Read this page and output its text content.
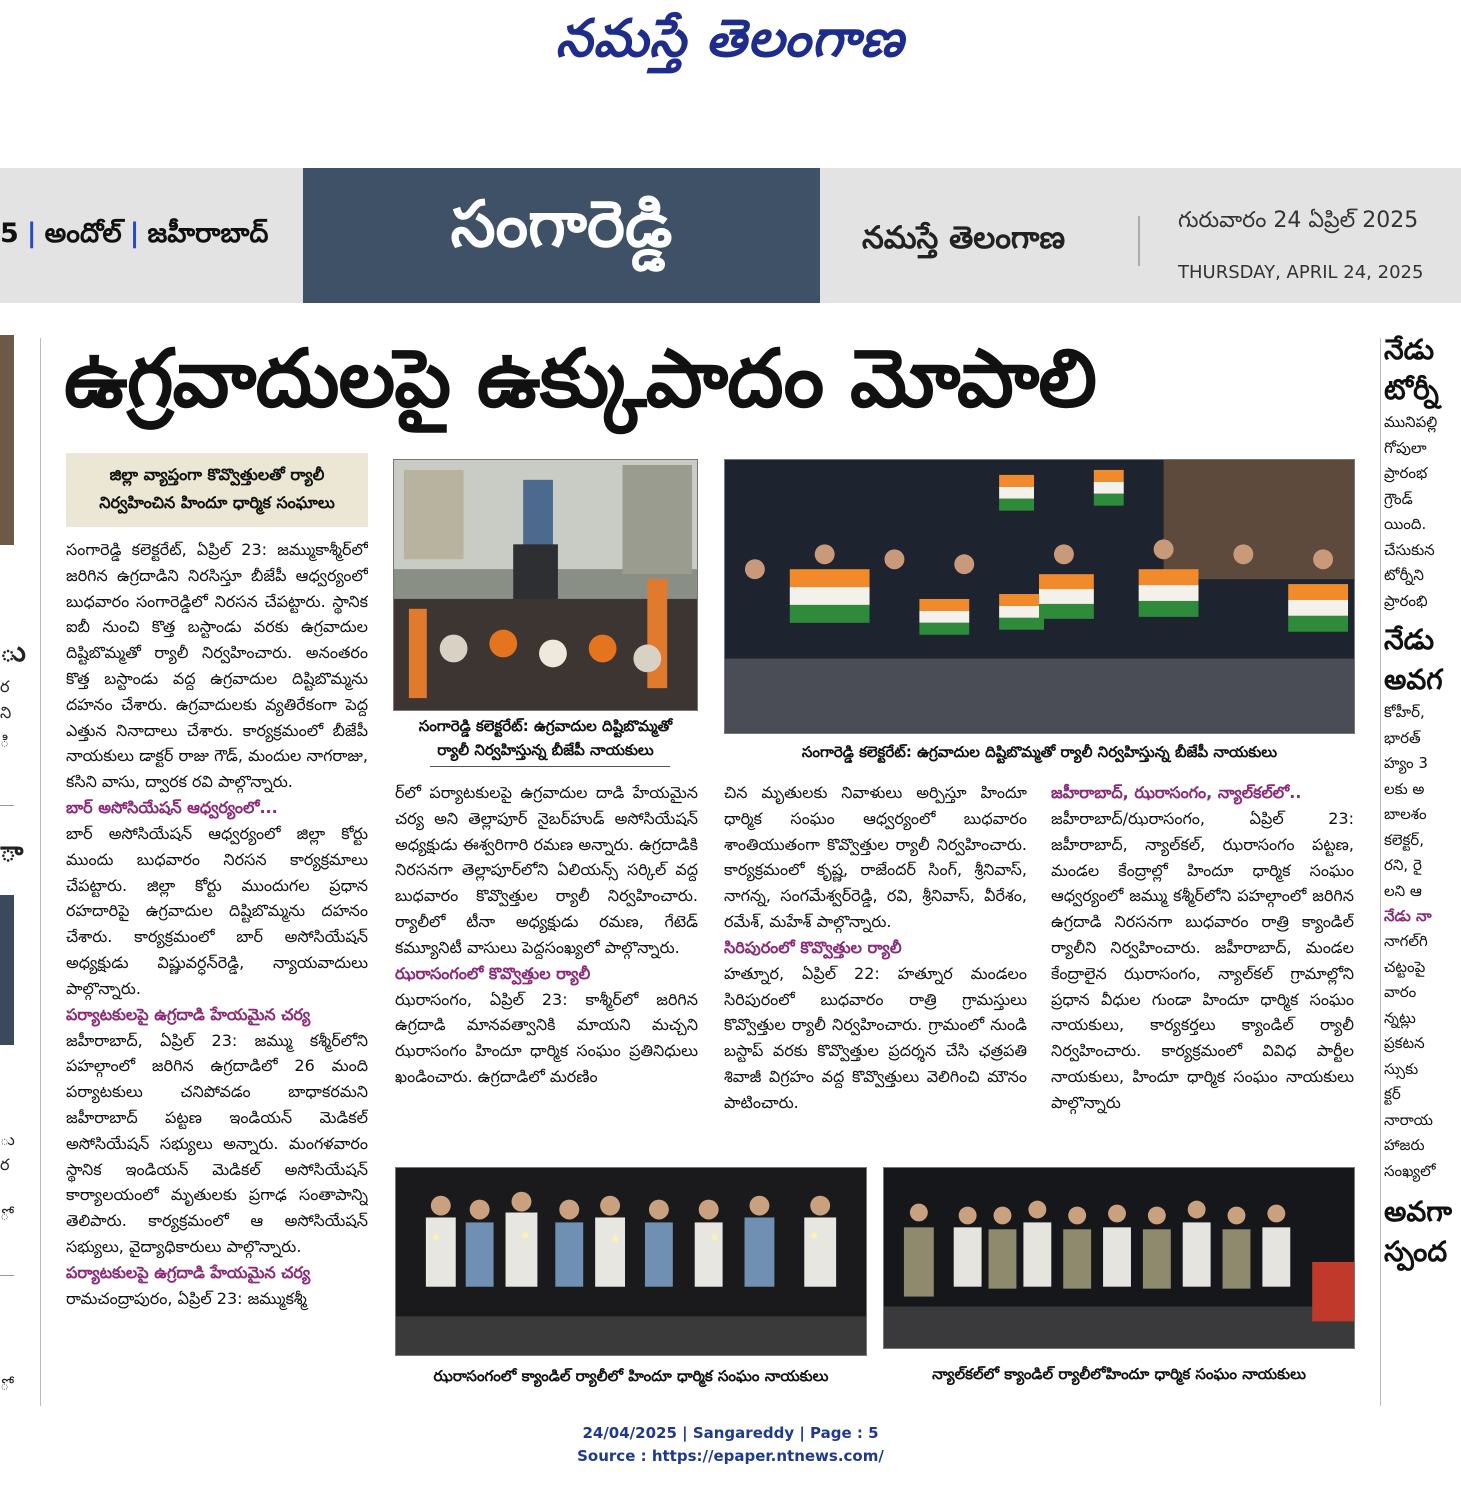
నమస్తే తెలంగాణ
5 | అందోల్ | జహీరాబాద్	సంగారెడ్డి	నమస్తే తెలంగాణ	గురువారం 24 ఏప్రిల్ 2025
THURSDAY, APRIL 24, 2025
ు
ర
ని
ి
ా
ు
ర
ో
ో
ఉగ్రవాదులపై ఉక్కుపాదం మోపాలి
జిల్లా వ్యాప్తంగా కొవ్వొత్తులతో ర్యాలీ
నిర్వహించిన హిందూ ధార్మిక సంఘాలు

సంగారెడ్డి కలెక్టరేట్, ఏప్రిల్ 23: జమ్ముకాశ్మీర్‌లో జరిగిన ఉగ్రదాడిని నిరసిస్తూ బీజేపీ ఆధ్వర్యంలో బుధవారం సంగారెడ్డిలో నిరసన చేపట్టారు. స్థానిక ఐబీ నుంచి కొత్త బస్టాండు వరకు ఉగ్రవాదుల దిష్టిబొమ్మతో ర్యాలీ నిర్వహించారు. అనంతరం కొత్త బస్టాండు వద్ద ఉగ్రవాదుల దిష్టిబొమ్మను దహనం చేశారు. ఉగ్రవాదులకు వ్యతిరేకంగా పెద్ద ఎత్తున నినాదాలు చేశారు. కార్యక్రమంలో బీజేపీ నాయకులు డాక్టర్ రాజు గౌడ్, మందుల నాగరాజు, కసిని వాసు, ద్వారక రవి పాల్గొన్నారు.

బార్ అసోసియేషన్ ఆధ్వర్యంలో...

బార్ అసోసియేషన్ ఆధ్వర్యంలో జిల్లా కోర్టు ముందు బుధవారం నిరసన కార్యక్రమాలు చేపట్టారు. జిల్లా కోర్టు ముందుగల ప్రధాన రహదారిపై ఉగ్రవాదుల దిష్టిబొమ్మను దహనం చేశారు. కార్యక్రమంలో బార్ అసోసియేషన్ అధ్యక్షుడు విష్ణువర్ధన్‌రెడ్డి, న్యాయవాదులు పాల్గొన్నారు.

పర్యాటకులపై ఉగ్రదాడి హేయమైన చర్య

జహీరాబాద్, ఏప్రిల్ 23: జమ్ము కశ్మీర్‌లోని పహల్గాంలో జరిగిన ఉగ్రదాడిలో 26 మంది పర్యాటకులు చనిపోవడం బాధాకరమని జహీరాబాద్ పట్టణ ఇండియన్ మెడికల్ అసోసియేషన్ సభ్యులు అన్నారు. మంగళవారం స్థానిక ఇండియన్ మెడికల్ అసోసియేషన్ కార్యాలయంలో మృతులకు ప్రగాఢ సంతాపాన్ని తెలిపారు. కార్యక్రమంలో ఆ అసోసియేషన్ సభ్యులు, వైద్యాధికారులు పాల్గొన్నారు.

పర్యాటకులపై ఉగ్రదాడి హేయమైన చర్య

రామచంద్రాపురం, ఏప్రిల్ 23: జమ్ముకశ్మీ

సంగారెడ్డి కలెక్టరేట్: ఉగ్రవాదుల దిష్టిబొమ్మతో
ర్యాలీ నిర్వహిస్తున్న బీజేపీ నాయకులు	సంగారెడ్డి కలెక్టరేట్: ఉగ్రవాదుల దిష్టిబొమ్మతో ర్యాలీ నిర్వహిస్తున్న బీజేపీ నాయకులు

ర్‌లో పర్యాటకులపై ఉగ్రవాదుల దాడి హేయమైన చర్య అని తెల్లాపూర్ నైబర్‌హుడ్ అసోసియేషన్ అధ్యక్షుడు ఈశ్వరిగారి రమణ అన్నారు. ఉగ్రదాడికి నిరసనగా తెల్లాపూర్‌లోని ఏలియన్స్ సర్కిల్ వద్ద బుధవారం కొవ్వొత్తుల ర్యాలీ నిర్వహించారు. ర్యాలీలో టీనా అధ్యక్షుడు రమణ, గేటెడ్ కమ్యూనిటీ వాసులు పెద్దసంఖ్యలో పాల్గొన్నారు.

ఝరాసంగంలో కొవ్వొత్తుల ర్యాలీ

ఝరాసంగం, ఏప్రిల్ 23: కాశ్మీర్‌లో జరిగిన ఉగ్రదాడి మానవత్వానికి మాయని మచ్చని ఝరాసంగం హిందూ ధార్మిక సంఘం ప్రతినిధులు ఖండించారు. ఉగ్రదాడిలో మరణిం

చిన మృతులకు నివాళులు అర్పిస్తూ హిందూ ధార్మిక సంఘం ఆధ్వర్యంలో బుధవారం శాంతియుతంగా కొవ్వొత్తుల ర్యాలీ నిర్వహించారు. కార్యక్రమంలో కృష్ణ, రాజేందర్ సింగ్, శ్రీనివాస్, నాగన్న, సంగమేశ్వర్‌రెడ్డి, రవి, శ్రీనివాస్, వీరేశం, రమేశ్, మహేశ్ పాల్గొన్నారు.

సిరిపురంలో కొవ్వొత్తుల ర్యాలీ

హత్నూర, ఏప్రిల్ 22: హత్నూర మండలం సిరిపురంలో బుధవారం రాత్రి గ్రామస్తులు కొవ్వొత్తుల ర్యాలీ నిర్వహించారు. గ్రామంలో నుండి బస్టాప్ వరకు కొవ్వొత్తుల ప్రదర్శన చేసి ఛత్రపతి శివాజీ విగ్రహం వద్ద కొవ్వొత్తులు వెలిగించి మౌనం పాటించారు.

జహీరాబాద్, ఝరాసంగం, న్యాల్‌కల్‌లో..

జహీరాబాద్/ఝరాసంగం, ఏప్రిల్ 23: జహీరాబాద్, న్యాల్‌కల్, ఝరాసంగం పట్టణ, మండల కేంద్రాల్లో హిందూ ధార్మిక సంఘం ఆధ్వర్యంలో జమ్ము కశ్మీర్‌లోని పహల్గాంలో జరిగిన ఉగ్రదాడి నిరసనగా బుధవారం రాత్రి క్యాండిల్ ర్యాలీని నిర్వహించారు. జహీరాబాద్, మండల కేంద్రాలైన ఝరాసంగం, న్యాల్‌కల్ గ్రామాల్లోని ప్రధాన వీధుల గుండా హిందూ ధార్మిక సంఘం నాయకులు, కార్యకర్తలు క్యాండిల్ ర్యాలీ నిర్వహించారు. కార్యక్రమంలో వివిధ పార్టీల నాయకులు, హిందూ ధార్మిక సంఘం నాయకులు పాల్గొన్నారు

ఝరాసంగంలో క్యాండిల్ ర్యాలీలో హిందూ ధార్మిక సంఘం నాయకులు	న్యాల్‌కల్‌లో క్యాండిల్ ర్యాలీలోహిందూ ధార్మిక సంఘం నాయకులు
నేడు
టోర్నీ
మునిపల్లి
గోపులా
ప్రారంభ
గ్రౌండ్
యింది.
చేసుకున
టోర్నీని
ప్రారంభి
నేడు
అవగ
కోహీర్,
భారత్
హ్యం 3
లకు అ
బాలశం
కలెక్టర్,
రని, రై
లని ఆ
నేడు నా
నాగల్‌గి
చట్టంపై
వారం
న్నట్లు
ప్రకటన
స్సుకు
క్టర్
నారాయ
హాజరు
సంఖ్యలో
అవగా
స్పంద
24/04/2025 | Sangareddy | Page : 5
Source : https://epaper.ntnews.com/
